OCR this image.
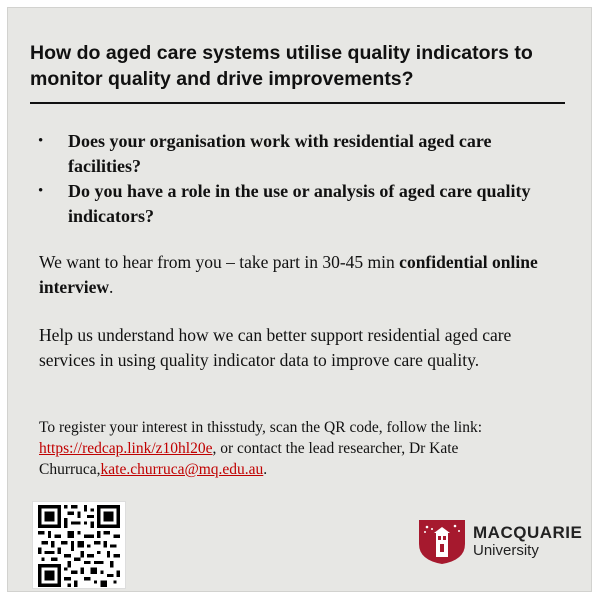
How do aged care systems utilise quality indicators to monitor quality and drive improvements?
• Does your organisation work with residential aged care facilities?
• Do you have a role in the use or analysis of aged care quality indicators?
We want to hear from you – take part in 30-45 min confidential online interview.
Help us understand how we can better support residential aged care services in using quality indicator data to improve care quality.
To register your interest in thisstudy, scan the QR code, follow the link: https://redcap.link/z10hl20e, or contact the lead researcher, Dr Kate Churruca,kate.churruca@mq.edu.au.
MACQUARIE
University
